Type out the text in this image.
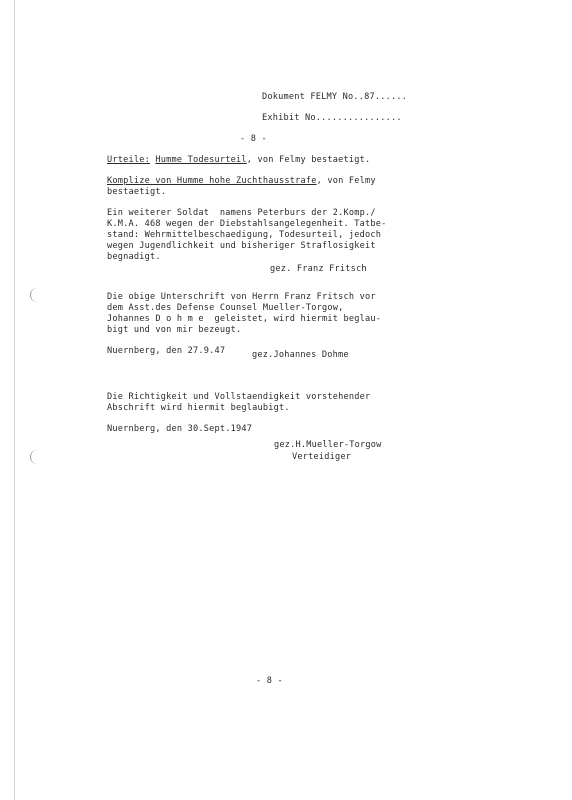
Dokument FELMY No..87......
Exhibit No................
- 8 -
Urteile: Humme Todesurteil, von Felmy bestaetigt.
Komplize von Humme hohe Zuchthausstrafe, von Felmy
bestaetigt.
Ein weiterer Soldat  namens Peterburs der 2.Komp./
K.M.A. 468 wegen der Diebstahlsangelegenheit. Tatbe-
stand: Wehrmittelbeschaedigung, Todesurteil, jedoch
wegen Jugendlichkeit und bisheriger Straflosigkeit
begnadigt.
gez. Franz Fritsch
Die obige Unterschrift von Herrn Franz Fritsch vor
dem Asst.des Defense Counsel Mueller-Torgow,
Johannes D o h m e  geleistet, wird hiermit beglau-
bigt und von mir bezeugt.
Nuernberg, den 27.9.47	gez.Johannes Dohme
Die Richtigkeit und Vollstaendigkeit vorstehender
Abschrift wird hiermit beglaubigt.
Nuernberg, den 30.Sept.1947
gez.H.Mueller-Torgow
Verteidiger
- 8 -
